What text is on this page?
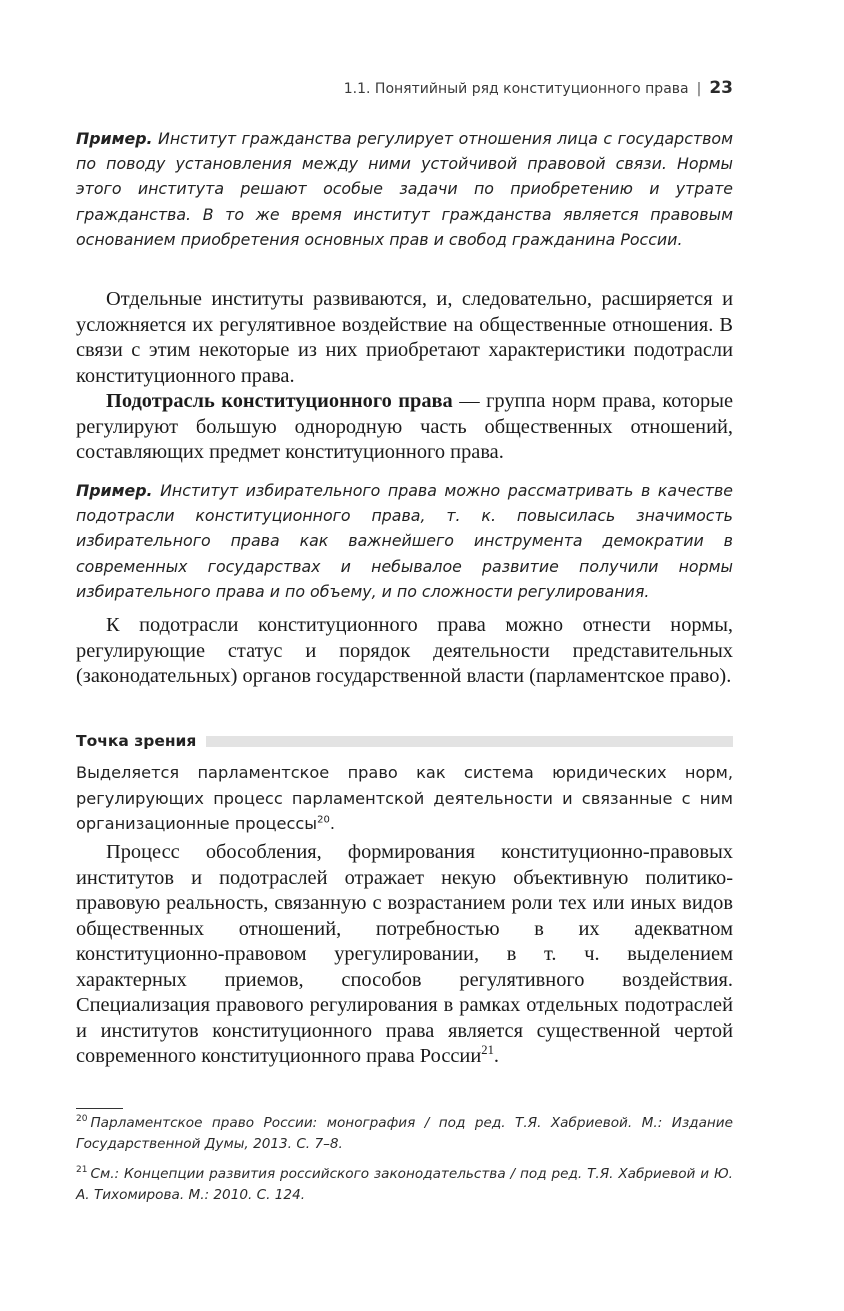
1.1. Понятийный ряд конституционного права | 23
Пример. Институт гражданства регулирует отношения лица с государством по поводу установления между ними устойчивой правовой связи. Нормы этого института решают особые задачи по приобретению и утрате гражданства. В то же время институт гражданства является правовым основанием приобретения основных прав и свобод гражданина России.

Отдельные институты развиваются, и, следовательно, расширяется и усложняется их регулятивное воздействие на общественные отношения. В связи с этим некоторые из них приобретают характеристики подотрасли конституционного права.

Подотрасль конституционного права — группа норм права, которые регулируют большую однородную часть общественных отношений, составляющих предмет конституционного права.

Пример. Институт избирательного права можно рассматривать в качестве подотрасли конституционного права, т. к. повысилась значимость избирательного права как важнейшего инструмента демократии в современных государствах и небывалое развитие получили нормы избирательного права и по объему, и по сложности регулирования.

К подотрасли конституционного права можно отнести нормы, регулирующие статус и порядок деятельности представительных (законодательных) органов государственной власти (парламентское право).

Точка зрения
Выделяется парламентское право как система юридических норм, регулирующих процесс парламентской деятельности и связанные с ним организационные процессы$^{20}$.

Процесс обособления, формирования конституционно-правовых институтов и подотраслей отражает некую объективную политико-правовую реальность, связанную с возрастанием роли тех или иных видов общественных отношений, потребностью в их адекватном конституционно-правовом урегулировании, в т. ч. выделением характерных приемов, способов регулятивного воздействия. Специализация правового регулирования в рамках отдельных подотраслей и институтов конституционного права является существенной чертой современного конституционного права России$^{21}$.

$^{20}$ Парламентское право России: монография / под ред. Т.Я. Хабриевой. М.: Издание Государственной Думы, 2013. С. 7–8.

$^{21}$ См.: Концепции развития российского законодательства / под ред. Т.Я. Хабриевой и Ю. А. Тихомирова. М.: 2010. С. 124.
